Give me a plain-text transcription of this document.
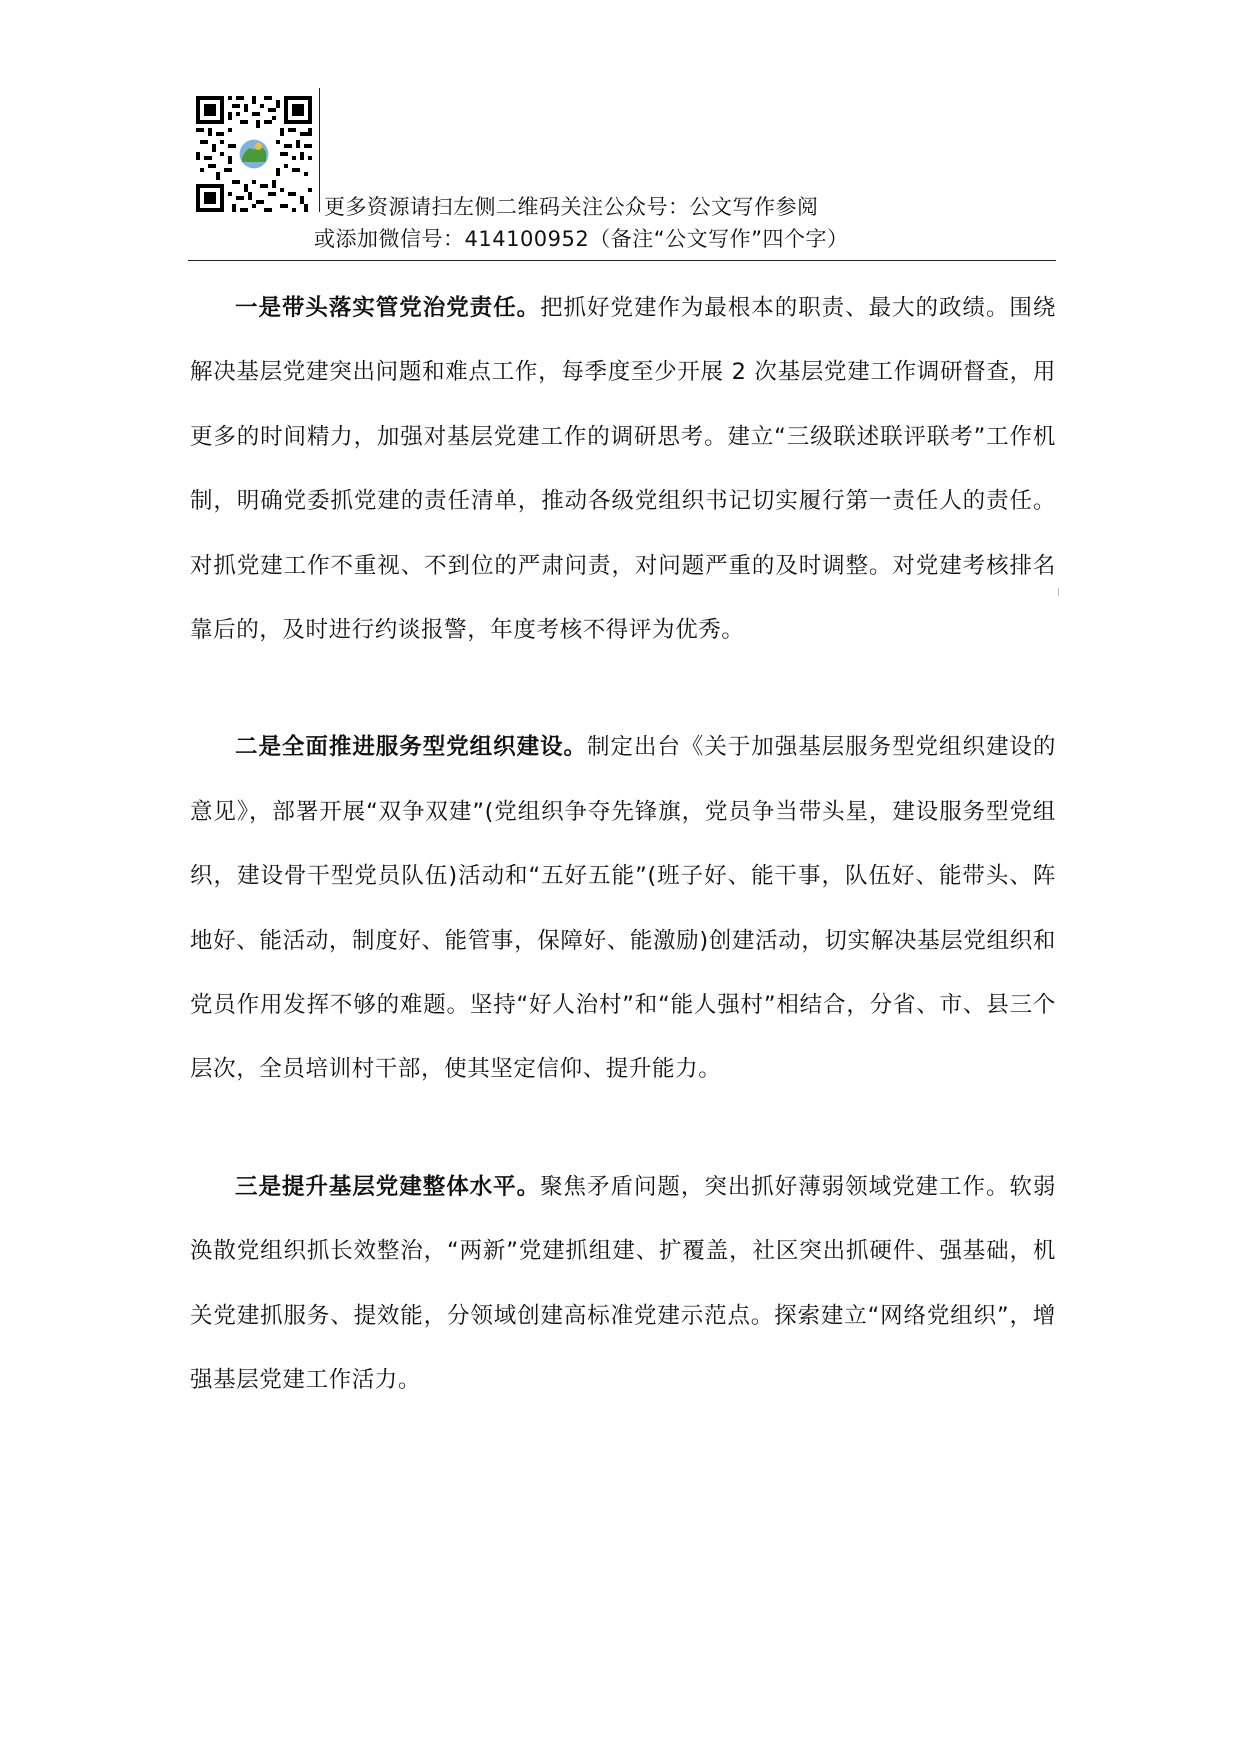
更多资源请扫左侧二维码关注公众号：公文写作参阅
或添加微信号：414100952（备注“公文写作”四个字）

一是带头落实管党治党责任。把抓好党建作为最根本的职责、最大的政绩。围绕解决基层党建突出问题和难点工作，每季度至少开展 2 次基层党建工作调研督查，用更多的时间精力，加强对基层党建工作的调研思考。建立“三级联述联评联考”工作机制，明确党委抓党建的责任清单，推动各级党组织书记切实履行第一责任人的责任。对抓党建工作不重视、不到位的严肃问责，对问题严重的及时调整。对党建考核排名靠后的，及时进行约谈报警，年度考核不得评为优秀。

二是全面推进服务型党组织建设。制定出台《关于加强基层服务型党组织建设的意见》，部署开展“双争双建”(党组织争夺先锋旗，党员争当带头星，建设服务型党组织，建设骨干型党员队伍)活动和“五好五能”(班子好、能干事，队伍好、能带头、阵地好、能活动，制度好、能管事，保障好、能激励)创建活动，切实解决基层党组织和党员作用发挥不够的难题。坚持“好人治村”和“能人强村”相结合，分省、市、县三个层次，全员培训村干部，使其坚定信仰、提升能力。

三是提升基层党建整体水平。聚焦矛盾问题，突出抓好薄弱领域党建工作。软弱涣散党组织抓长效整治，“两新”党建抓组建、扩覆盖，社区突出抓硬件、强基础，机关党建抓服务、提效能，分领域创建高标准党建示范点。探索建立“网络党组织”，增强基层党建工作活力。
